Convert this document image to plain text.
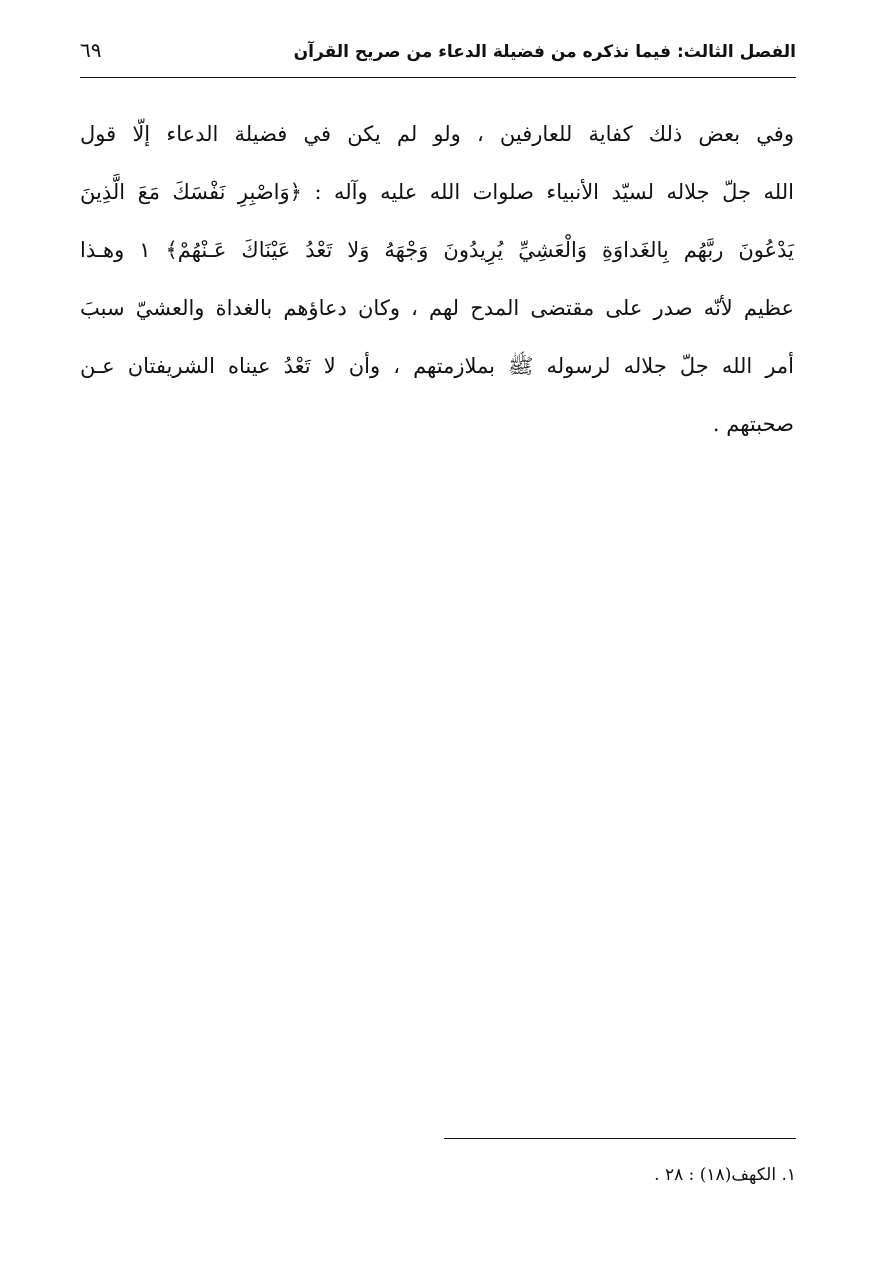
الفصل الثالث: فيما نذكره من فضيلة الدعاء من صريح القرآن
٦٩
وفي بعض ذلك كفاية للعارفين ، ولو لم يكن في فضيلة الدعاء إلّا قول
الله جلّ جلاله لسيّد الأنبياء صلوات الله عليه وآله : ﴿وَاصْبِرِ نَفْسَكَ مَعَ الَّذِينَ
يَدْعُونَ ربَّهُم بِالغَداوَةِ وَالْعَشِيِّ يُرِيدُونَ وَجْهَهُ وَلا تَعْدُ عَيْنَاكَ عَـنْهُمْ﴾ ١ وهـذا
عظيم لأنّه صدر على مقتضى المدح لهم ، وكان دعاؤهم بالغداة والعشيّ سببَ
أمر الله جلّ جلاله لرسوله ﷺ بملازمتهم ، وأن لا تَعْدُ عيناه الشريفتان عـن
صحبتهم .
١. الكهف(١٨) : ٢٨ .
